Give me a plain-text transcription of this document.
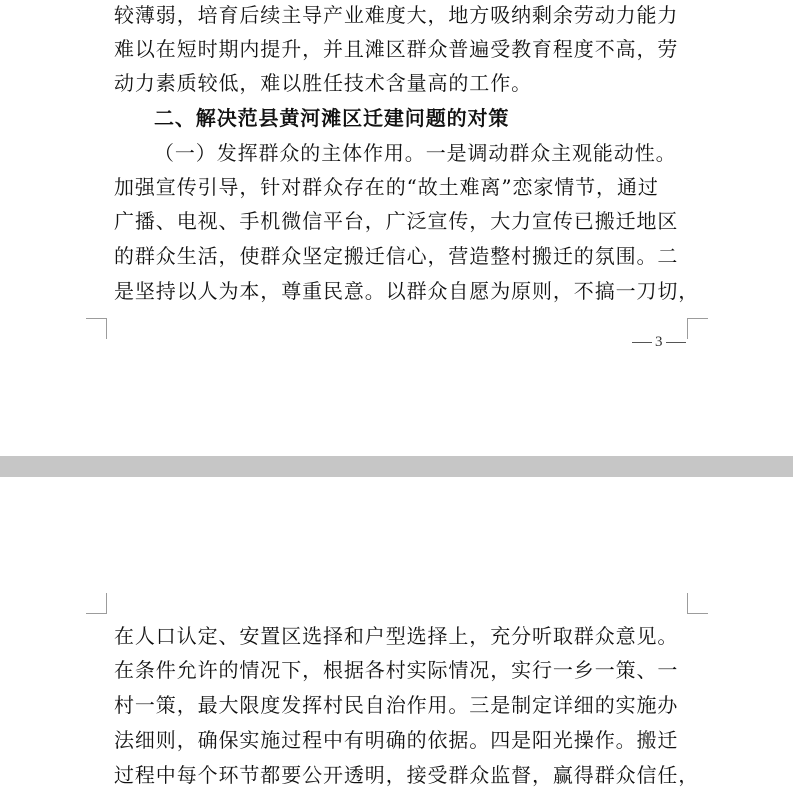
较薄弱，培育后续主导产业难度大，地方吸纳剩余劳动力能力
难以在短时期内提升，并且滩区群众普遍受教育程度不高，劳
动力素质较低，难以胜任技术含量高的工作。
二、解决范县黄河滩区迁建问题的对策
（一）发挥群众的主体作用。一是调动群众主观能动性。
加强宣传引导，针对群众存在的“故土难离”恋家情节，通过
广播、电视、手机微信平台，广泛宣传，大力宣传已搬迁地区
的群众生活，使群众坚定搬迁信心，营造整村搬迁的氛围。二
是坚持以人为本，尊重民意。以群众自愿为原则，不搞一刀切，
3
在人口认定、安置区选择和户型选择上，充分听取群众意见。
在条件允许的情况下，根据各村实际情况，实行一乡一策、一
村一策，最大限度发挥村民自治作用。三是制定详细的实施办
法细则，确保实施过程中有明确的依据。四是阳光操作。搬迁
过程中每个环节都要公开透明，接受群众监督，赢得群众信任，
